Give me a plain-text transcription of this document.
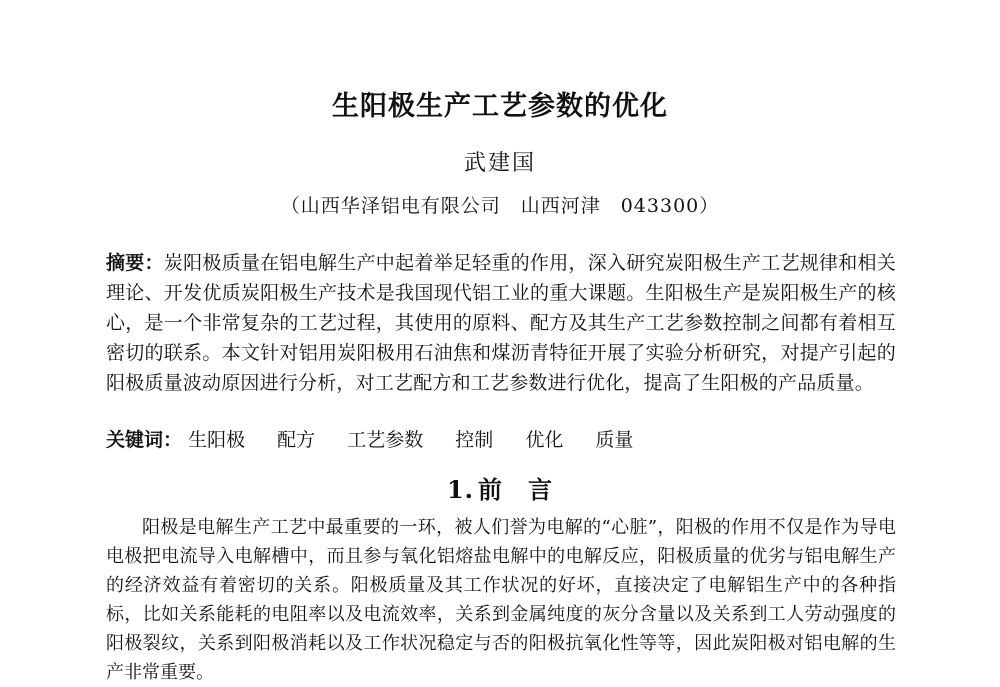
生阳极生产工艺参数的优化
武建国
（山西华泽铝电有限公司　山西河津　043300）
摘要：炭阳极质量在铝电解生产中起着举足轻重的作用，深入研究炭阳极生产工艺规律和相关理论、开发优质炭阳极生产技术是我国现代铝工业的重大课题。生阳极生产是炭阳极生产的核心，是一个非常复杂的工艺过程，其使用的原料、配方及其生产工艺参数控制之间都有着相互密切的联系。本文针对铝用炭阳极用石油焦和煤沥青特征开展了实验分析研究，对提产引起的阳极质量波动原因进行分析，对工艺配方和工艺参数进行优化，提高了生阳极的产品质量。
关键词： 生阳极 配方 工艺参数 控制 优化 质量
1. 前　言
阳极是电解生产工艺中最重要的一环，被人们誉为电解的“心脏”，阳极的作用不仅是作为导电电极把电流导入电解槽中，而且参与氧化铝熔盐电解中的电解反应，阳极质量的优劣与铝电解生产的经济效益有着密切的关系。阳极质量及其工作状况的好坏，直接决定了电解铝生产中的各种指标，比如关系能耗的电阻率以及电流效率，关系到金属纯度的灰分含量以及关系到工人劳动强度的阳极裂纹，关系到阳极消耗以及工作状况稳定与否的阳极抗氧化性等等，因此炭阳极对铝电解的生产非常重要。
